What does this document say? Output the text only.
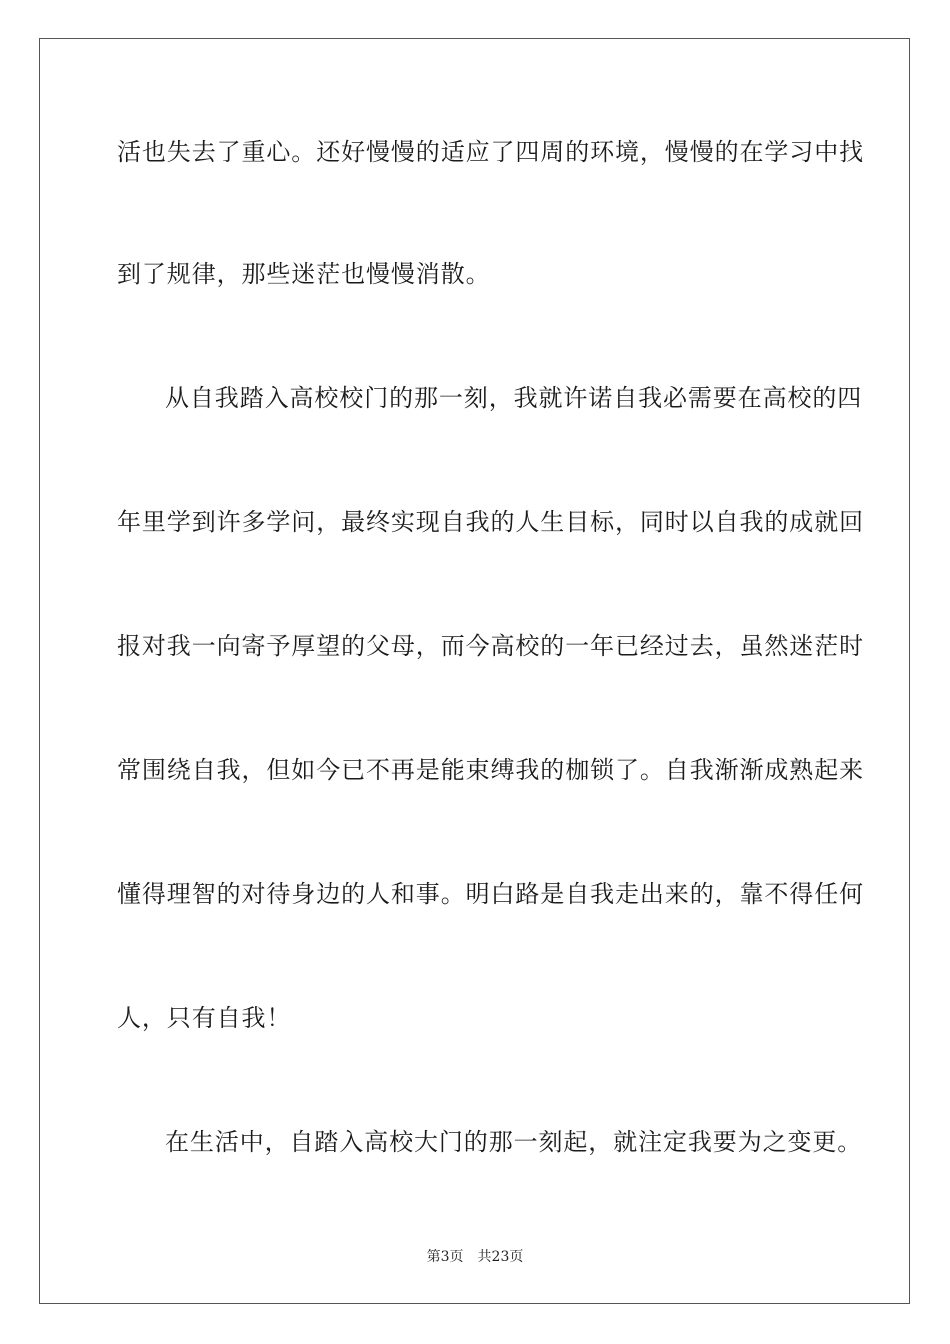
活也失去了重心。还好慢慢的适应了四周的环境，慢慢的在学习中找
到了规律，那些迷茫也慢慢消散。
从自我踏入高校校门的那一刻，我就许诺自我必需要在高校的四
年里学到许多学问，最终实现自我的人生目标，同时以自我的成就回
报对我一向寄予厚望的父母，而今高校的一年已经过去，虽然迷茫时
常围绕自我，但如今已不再是能束缚我的枷锁了。自我渐渐成熟起来
懂得理智的对待身边的人和事。明白路是自我走出来的，靠不得任何
人，只有自我！
在生活中，自踏入高校大门的那一刻起，就注定我要为之变更。
第3页 共23页
